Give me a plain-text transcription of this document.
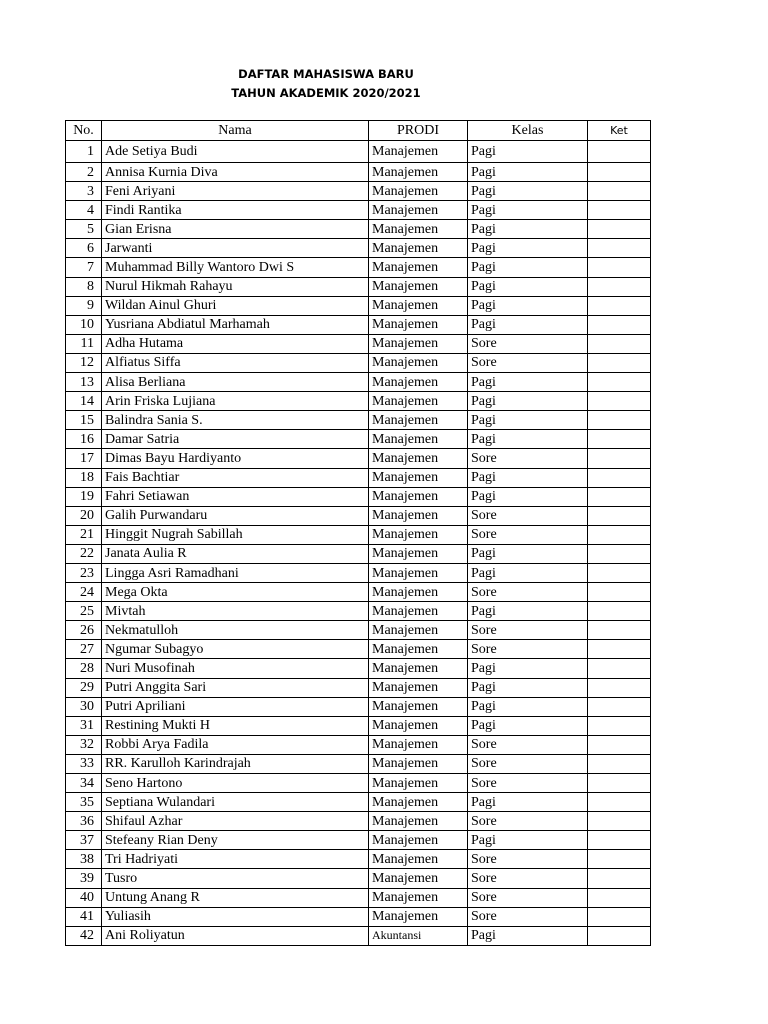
DAFTAR MAHASISWA BARU
TAHUN AKADEMIK 2020/2021
No.	Nama	PRODI	Kelas	Ket
1	Ade Setiya Budi	Manajemen	Pagi	
2	Annisa Kurnia Diva	Manajemen	Pagi	
3	Feni Ariyani	Manajemen	Pagi	
4	Findi Rantika	Manajemen	Pagi	
5	Gian Erisna	Manajemen	Pagi	
6	Jarwanti	Manajemen	Pagi	
7	Muhammad Billy Wantoro Dwi S	Manajemen	Pagi	
8	Nurul Hikmah Rahayu	Manajemen	Pagi	
9	Wildan Ainul Ghuri	Manajemen	Pagi	
10	Yusriana Abdiatul Marhamah	Manajemen	Pagi	
11	Adha Hutama	Manajemen	Sore	
12	Alfiatus Siffa	Manajemen	Sore	
13	Alisa Berliana	Manajemen	Pagi	
14	Arin Friska Lujiana	Manajemen	Pagi	
15	Balindra Sania S.	Manajemen	Pagi	
16	Damar Satria	Manajemen	Pagi	
17	Dimas Bayu Hardiyanto	Manajemen	Sore	
18	Fais Bachtiar	Manajemen	Pagi	
19	Fahri Setiawan	Manajemen	Pagi	
20	Galih Purwandaru	Manajemen	Sore	
21	Hinggit Nugrah Sabillah	Manajemen	Sore	
22	Janata Aulia R	Manajemen	Pagi	
23	Lingga Asri Ramadhani	Manajemen	Pagi	
24	Mega Okta	Manajemen	Sore	
25	Mivtah	Manajemen	Pagi	
26	Nekmatulloh	Manajemen	Sore	
27	Ngumar Subagyo	Manajemen	Sore	
28	Nuri Musofinah	Manajemen	Pagi	
29	Putri Anggita Sari	Manajemen	Pagi	
30	Putri Apriliani	Manajemen	Pagi	
31	Restining Mukti H	Manajemen	Pagi	
32	Robbi Arya Fadila	Manajemen	Sore	
33	RR. Karulloh Karindrajah	Manajemen	Sore	
34	Seno Hartono	Manajemen	Sore	
35	Septiana Wulandari	Manajemen	Pagi	
36	Shifaul Azhar	Manajemen	Sore	
37	Stefeany Rian Deny	Manajemen	Pagi	
38	Tri Hadriyati	Manajemen	Sore	
39	Tusro	Manajemen	Sore	
40	Untung Anang R	Manajemen	Sore	
41	Yuliasih	Manajemen	Sore	
42	Ani Roliyatun	Akuntansi	Pagi	
